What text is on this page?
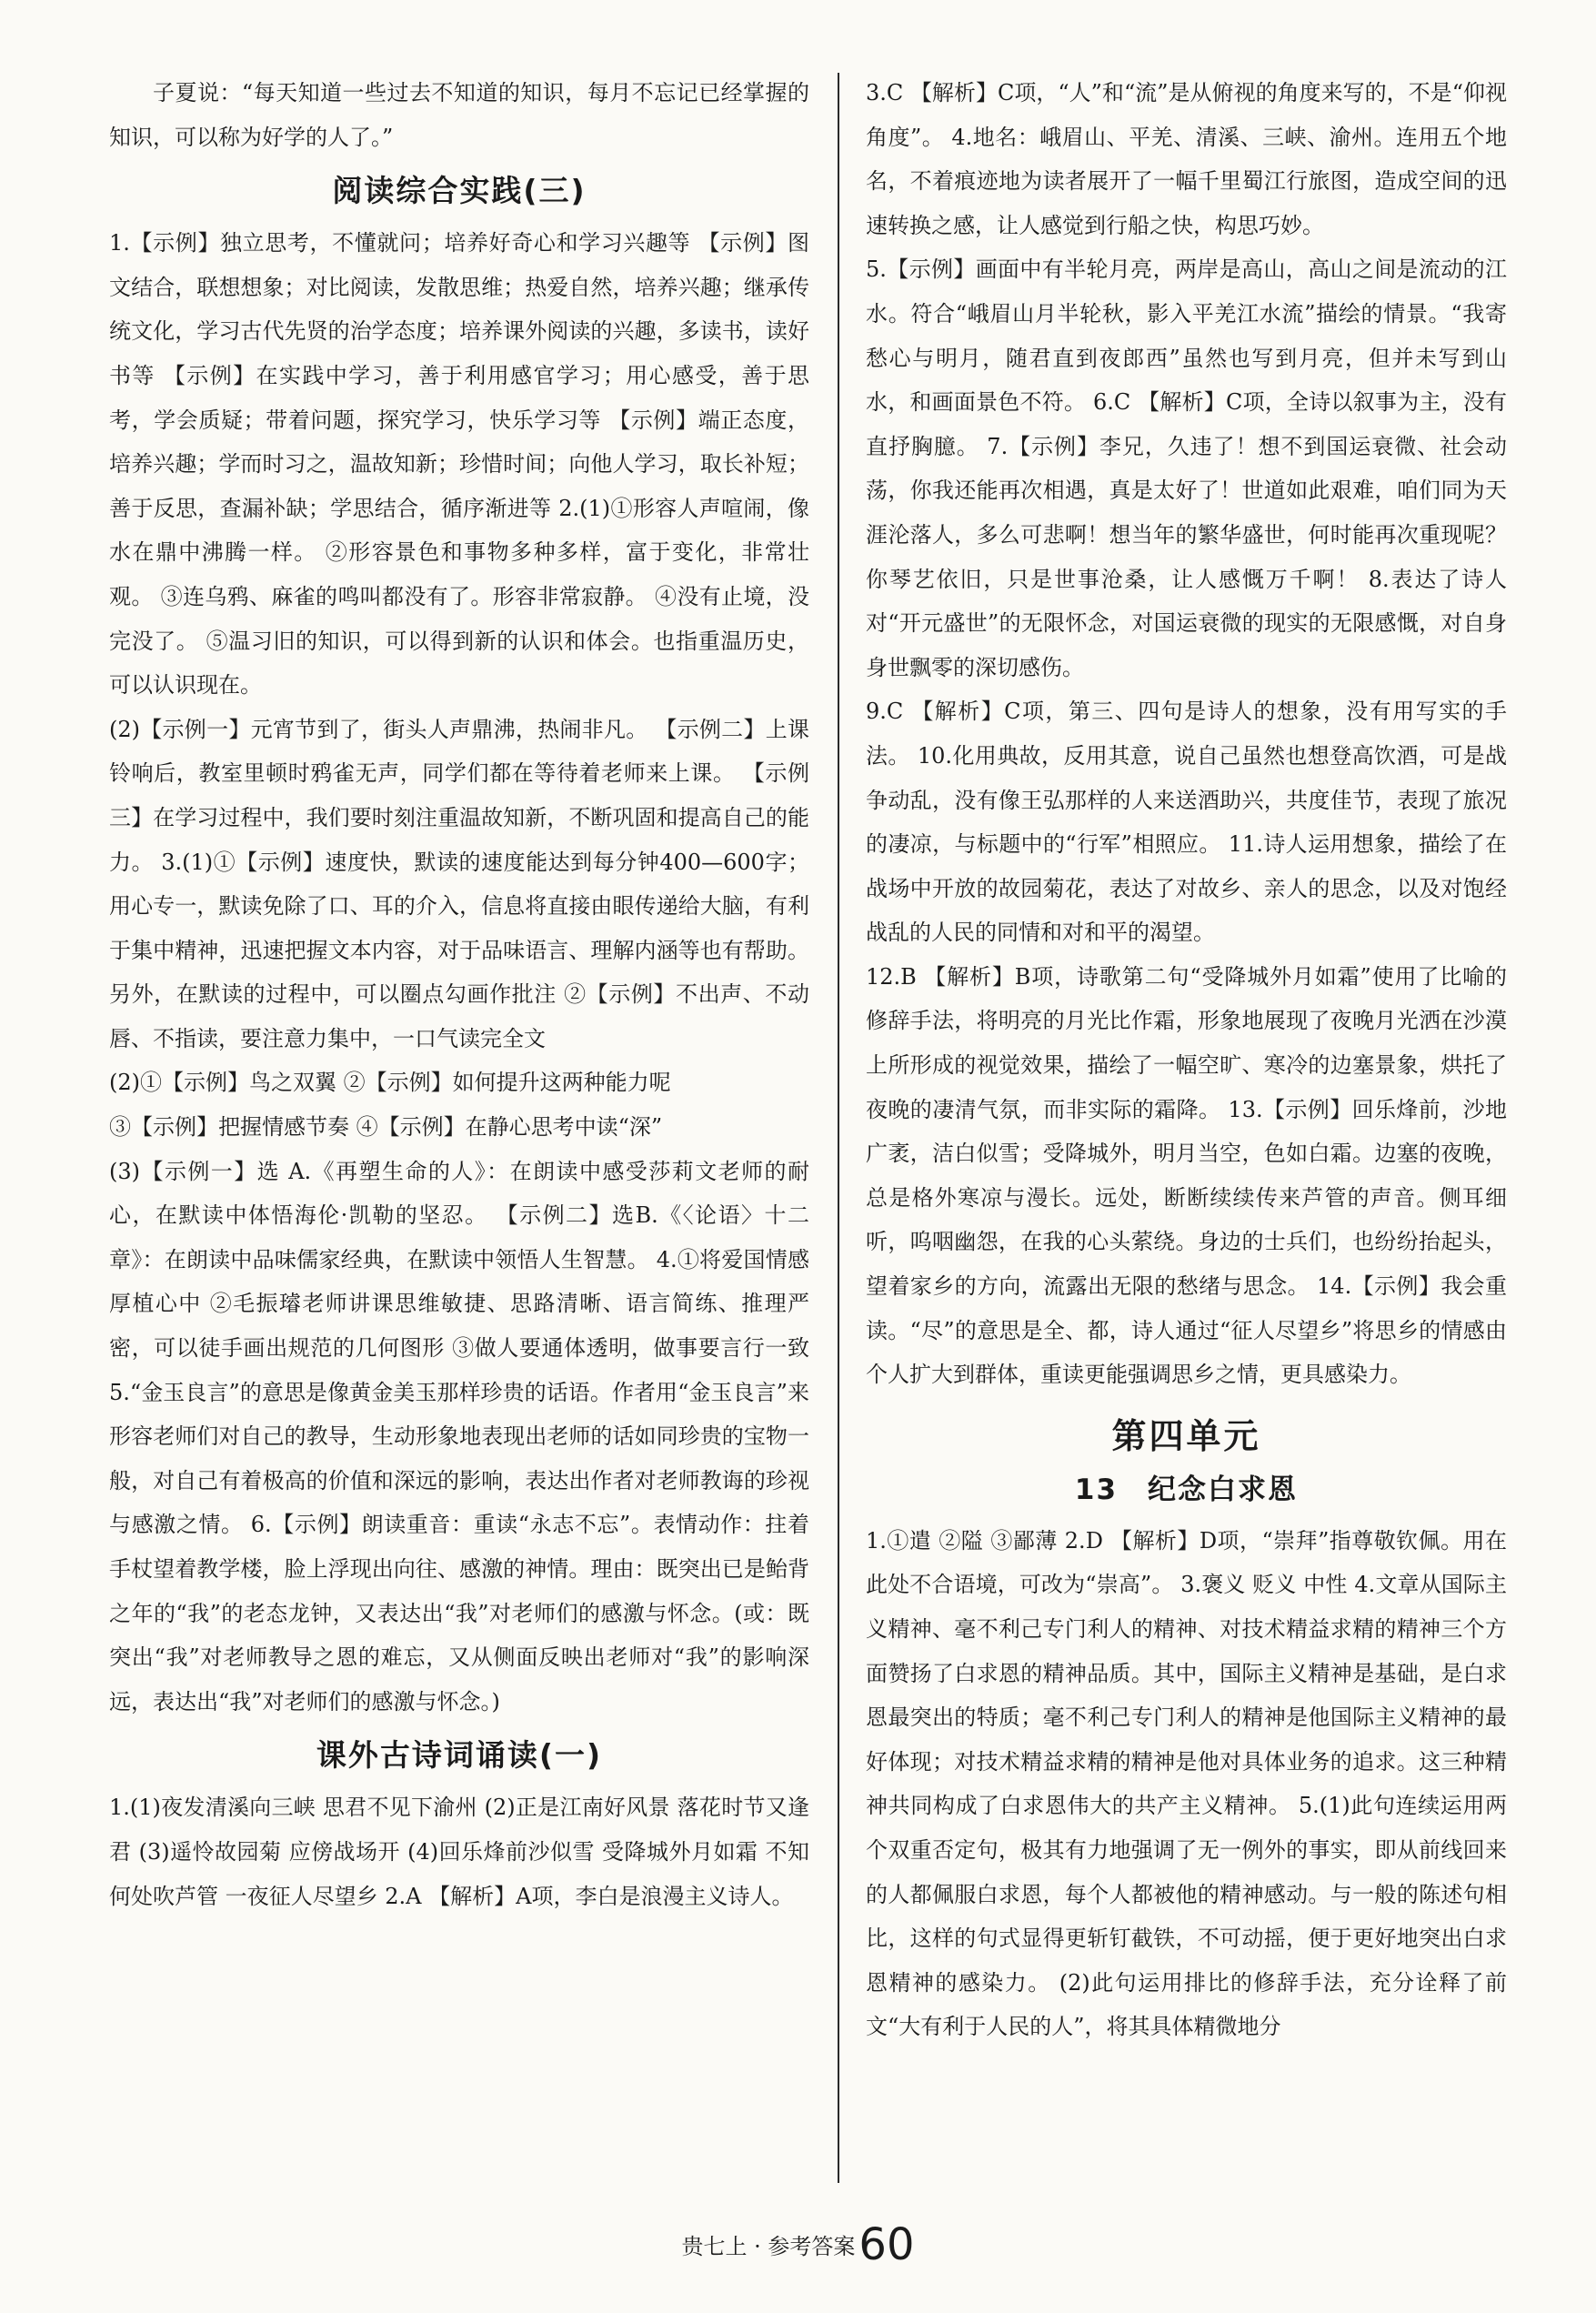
子夏说：“每天知道一些过去不知道的知识，每月不忘记已经掌握的知识，可以称为好学的人了。”

阅读综合实践(三)

1.【示例】独立思考，不懂就问；培养好奇心和学习兴趣等 【示例】图文结合，联想想象；对比阅读，发散思维；热爱自然，培养兴趣；继承传统文化，学习古代先贤的治学态度；培养课外阅读的兴趣，多读书，读好书等 【示例】在实践中学习，善于利用感官学习；用心感受，善于思考，学会质疑；带着问题，探究学习，快乐学习等 【示例】端正态度，培养兴趣；学而时习之，温故知新；珍惜时间；向他人学习，取长补短；善于反思，查漏补缺；学思结合，循序渐进等 2.(1)①形容人声喧闹，像水在鼎中沸腾一样。 ②形容景色和事物多种多样，富于变化，非常壮观。 ③连乌鸦、麻雀的鸣叫都没有了。形容非常寂静。 ④没有止境，没完没了。 ⑤温习旧的知识，可以得到新的认识和体会。也指重温历史，可以认识现在。

(2)【示例一】元宵节到了，街头人声鼎沸，热闹非凡。 【示例二】上课铃响后，教室里顿时鸦雀无声，同学们都在等待着老师来上课。 【示例三】在学习过程中，我们要时刻注重温故知新，不断巩固和提高自己的能力。 3.(1)①【示例】速度快，默读的速度能达到每分钟400—600字；用心专一，默读免除了口、耳的介入，信息将直接由眼传递给大脑，有利于集中精神，迅速把握文本内容，对于品味语言、理解内涵等也有帮助。另外，在默读的过程中，可以圈点勾画作批注 ②【示例】不出声、不动唇、不指读，要注意力集中，一口气读完全文

(2)①【示例】鸟之双翼 ②【示例】如何提升这两种能力呢

③【示例】把握情感节奏 ④【示例】在静心思考中读“深”

(3)【示例一】选 A.《再塑生命的人》：在朗读中感受莎莉文老师的耐心，在默读中体悟海伦·凯勒的坚忍。 【示例二】选B.《〈论语〉十二章》：在朗读中品味儒家经典，在默读中领悟人生智慧。 4.①将爱国情感厚植心中 ②毛振璿老师讲课思维敏捷、思路清晰、语言简练、推理严密，可以徒手画出规范的几何图形 ③做人要通体透明，做事要言行一致 5.“金玉良言”的意思是像黄金美玉那样珍贵的话语。作者用“金玉良言”来形容老师们对自己的教导，生动形象地表现出老师的话如同珍贵的宝物一般，对自己有着极高的价值和深远的影响，表达出作者对老师教诲的珍视与感激之情。 6.【示例】朗读重音：重读“永志不忘”。表情动作：拄着手杖望着教学楼，脸上浮现出向往、感激的神情。理由：既突出已是鲐背之年的“我”的老态龙钟，又表达出“我”对老师们的感激与怀念。(或：既突出“我”对老师教导之恩的难忘，又从侧面反映出老师对“我”的影响深远，表达出“我”对老师们的感激与怀念。)

课外古诗词诵读(一)

1.(1)夜发清溪向三峡 思君不见下渝州 (2)正是江南好风景 落花时节又逢君 (3)遥怜故园菊 应傍战场开 (4)回乐烽前沙似雪 受降城外月如霜 不知何处吹芦管 一夜征人尽望乡 2.A 【解析】A项，李白是浪漫主义诗人。

3.C 【解析】C项，“人”和“流”是从俯视的角度来写的，不是“仰视角度”。 4.地名：峨眉山、平羌、清溪、三峡、渝州。连用五个地名，不着痕迹地为读者展开了一幅千里蜀江行旅图，造成空间的迅速转换之感，让人感觉到行船之快，构思巧妙。

5.【示例】画面中有半轮月亮，两岸是高山，高山之间是流动的江水。符合“峨眉山月半轮秋，影入平羌江水流”描绘的情景。“我寄愁心与明月，随君直到夜郎西”虽然也写到月亮，但并未写到山水，和画面景色不符。 6.C 【解析】C项，全诗以叙事为主，没有直抒胸臆。 7.【示例】李兄，久违了！想不到国运衰微、社会动荡，你我还能再次相遇，真是太好了！世道如此艰难，咱们同为天涯沦落人，多么可悲啊！想当年的繁华盛世，何时能再次重现呢？你琴艺依旧，只是世事沧桑，让人感慨万千啊！ 8.表达了诗人对“开元盛世”的无限怀念，对国运衰微的现实的无限感慨，对自身身世飘零的深切感伤。

9.C 【解析】C项，第三、四句是诗人的想象，没有用写实的手法。 10.化用典故，反用其意，说自己虽然也想登高饮酒，可是战争动乱，没有像王弘那样的人来送酒助兴，共度佳节，表现了旅况的凄凉，与标题中的“行军”相照应。 11.诗人运用想象，描绘了在战场中开放的故园菊花，表达了对故乡、亲人的思念，以及对饱经战乱的人民的同情和对和平的渴望。

12.B 【解析】B项，诗歌第二句“受降城外月如霜”使用了比喻的修辞手法，将明亮的月光比作霜，形象地展现了夜晚月光洒在沙漠上所形成的视觉效果，描绘了一幅空旷、寒冷的边塞景象，烘托了夜晚的凄清气氛，而非实际的霜降。 13.【示例】回乐烽前，沙地广袤，洁白似雪；受降城外，明月当空，色如白霜。边塞的夜晚，总是格外寒凉与漫长。远处，断断续续传来芦管的声音。侧耳细听，呜咽幽怨，在我的心头萦绕。身边的士兵们，也纷纷抬起头，望着家乡的方向，流露出无限的愁绪与思念。 14.【示例】我会重读。“尽”的意思是全、都，诗人通过“征人尽望乡”将思乡的情感由个人扩大到群体，重读更能强调思乡之情，更具感染力。

第四单元
13　纪念白求恩

1.①遣 ②隘 ③鄙薄 2.D 【解析】D项，“崇拜”指尊敬钦佩。用在此处不合语境，可改为“崇高”。 3.褒义 贬义 中性 4.文章从国际主义精神、毫不利己专门利人的精神、对技术精益求精的精神三个方面赞扬了白求恩的精神品质。其中，国际主义精神是基础，是白求恩最突出的特质；毫不利己专门利人的精神是他国际主义精神的最好体现；对技术精益求精的精神是他对具体业务的追求。这三种精神共同构成了白求恩伟大的共产主义精神。 5.(1)此句连续运用两个双重否定句，极其有力地强调了无一例外的事实，即从前线回来的人都佩服白求恩，每个人都被他的精神感动。与一般的陈述句相比，这样的句式显得更斩钉截铁，不可动摇，便于更好地突出白求恩精神的感染力。 (2)此句运用排比的修辞手法，充分诠释了前文“大有利于人民的人”，将其具体精微地分

贵七上 · 参考答案60
